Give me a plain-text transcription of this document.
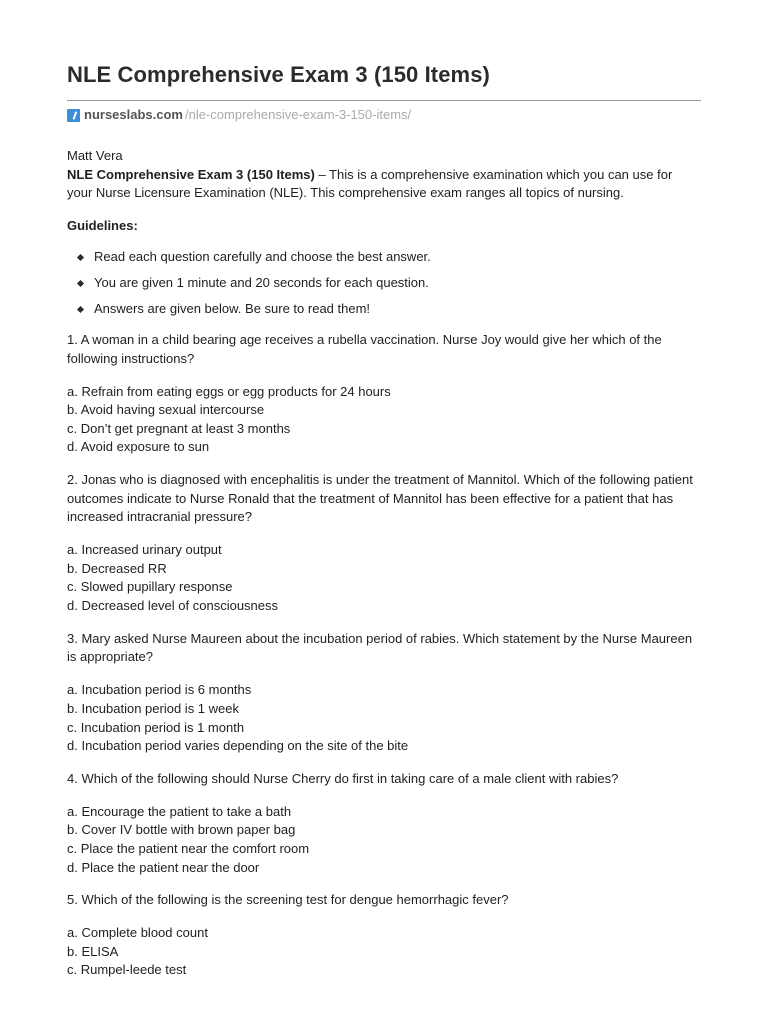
NLE Comprehensive Exam 3 (150 Items)
nurseslabs.com /nle-comprehensive-exam-3-150-items/

Matt Vera

NLE Comprehensive Exam 3 (150 Items) – This is a comprehensive examination which you can use for your Nurse Licensure Examination (NLE). This comprehensive exam ranges all topics of nursing.

Guidelines:

Read each question carefully and choose the best answer.
You are given 1 minute and 20 seconds for each question.
Answers are given below. Be sure to read them!

1. A woman in a child bearing age receives a rubella vaccination. Nurse Joy would give her which of the following instructions?

a. Refrain from eating eggs or egg products for 24 hours
b. Avoid having sexual intercourse
c. Don’t get pregnant at least 3 months
d. Avoid exposure to sun

2. Jonas who is diagnosed with encephalitis is under the treatment of Mannitol. Which of the following patient outcomes indicate to Nurse Ronald that the treatment of Mannitol has been effective for a patient that has increased intracranial pressure?

a. Increased urinary output
b. Decreased RR
c. Slowed pupillary response
d. Decreased level of consciousness

3. Mary asked Nurse Maureen about the incubation period of rabies. Which statement by the Nurse Maureen is appropriate?

a. Incubation period is 6 months
b. Incubation period is 1 week
c. Incubation period is 1 month
d. Incubation period varies depending on the site of the bite

4. Which of the following should Nurse Cherry do first in taking care of a male client with rabies?

a. Encourage the patient to take a bath
b. Cover IV bottle with brown paper bag
c. Place the patient near the comfort room
d. Place the patient near the door

5. Which of the following is the screening test for dengue hemorrhagic fever?

a. Complete blood count
b. ELISA
c. Rumpel-leede test
